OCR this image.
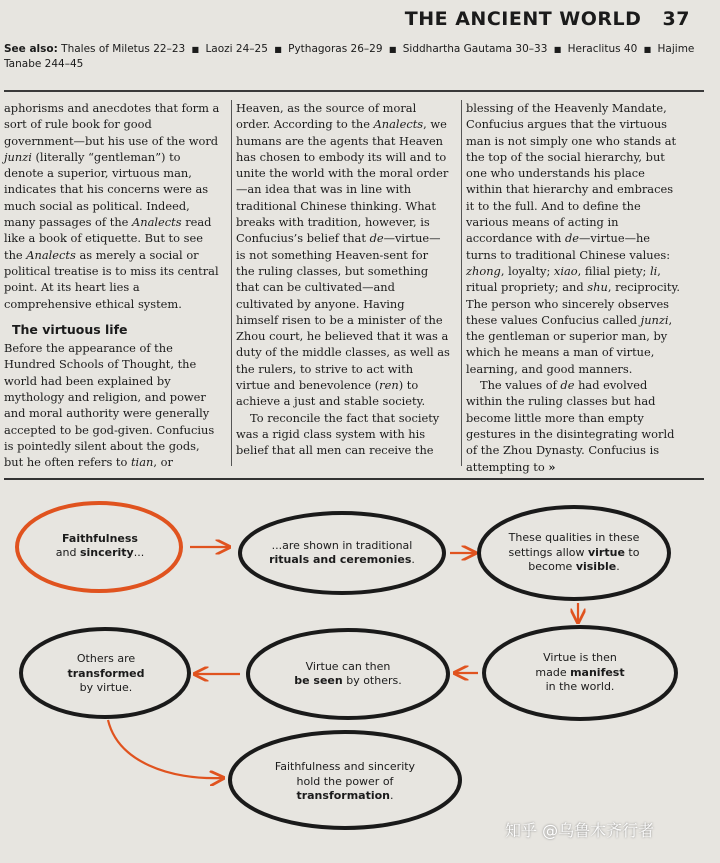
THE ANCIENT WORLD 37
See also: Thales of Miletus 22–23 ■ Laozi 24–25 ■ Pythagoras 26–29 ■ Siddhartha Gautama 30–33 ■ Heraclitus 40 ■ Hajime Tanabe 244–45

aphorisms and anecdotes that form a sort of rule book for good government—but his use of the word junzi (literally “gentleman”) to denote a superior, virtuous man, indicates that his concerns were as much social as political. Indeed, many passages of the Analects read like a book of etiquette. But to see the Analects as merely a social or political treatise is to miss its central point. At its heart lies a comprehensive ethical system.

The virtuous life

Before the appearance of the Hundred Schools of Thought, the world had been explained by mythology and religion, and power and moral authority were generally accepted to be god-given. Confucius is pointedly silent about the gods, but he often refers to tian, or

Heaven, as the source of moral order. According to the Analects, we humans are the agents that Heaven has chosen to embody its will and to unite the world with the moral order—an idea that was in line with traditional Chinese thinking. What breaks with tradition, however, is Confucius’s belief that de—virtue—is not something Heaven-sent for the ruling classes, but something that can be cultivated—and cultivated by anyone. Having himself risen to be a minister of the Zhou court, he believed that it was a duty of the middle classes, as well as the rulers, to strive to act with virtue and benevolence (ren) to achieve a just and stable society.

To reconcile the fact that society was a rigid class system with his belief that all men can receive the

blessing of the Heavenly Mandate, Confucius argues that the virtuous man is not simply one who stands at the top of the social hierarchy, but one who understands his place within that hierarchy and embraces it to the full. And to define the various means of acting in accordance with de—virtue—he turns to traditional Chinese values: zhong, loyalty; xiao, filial piety; li, ritual propriety; and shu, reciprocity. The person who sincerely observes these values Confucius called junzi, the gentleman or superior man, by which he means a man of virtue, learning, and good manners.

The values of de had evolved within the ruling classes but had become little more than empty gestures in the disintegrating world of the Zhou Dynasty. Confucius is attempting to »

Faithfulness
and sincerity...
...are shown in traditional
rituals and ceremonies.
These qualities in these
settings allow virtue to
become visible.
Virtue is then
made manifest
in the world.
Virtue can then
be seen by others.
Others are
transformed
by virtue.
Faithfulness and sincerity
hold the power of
transformation.
知乎 @乌鲁木齐行者
